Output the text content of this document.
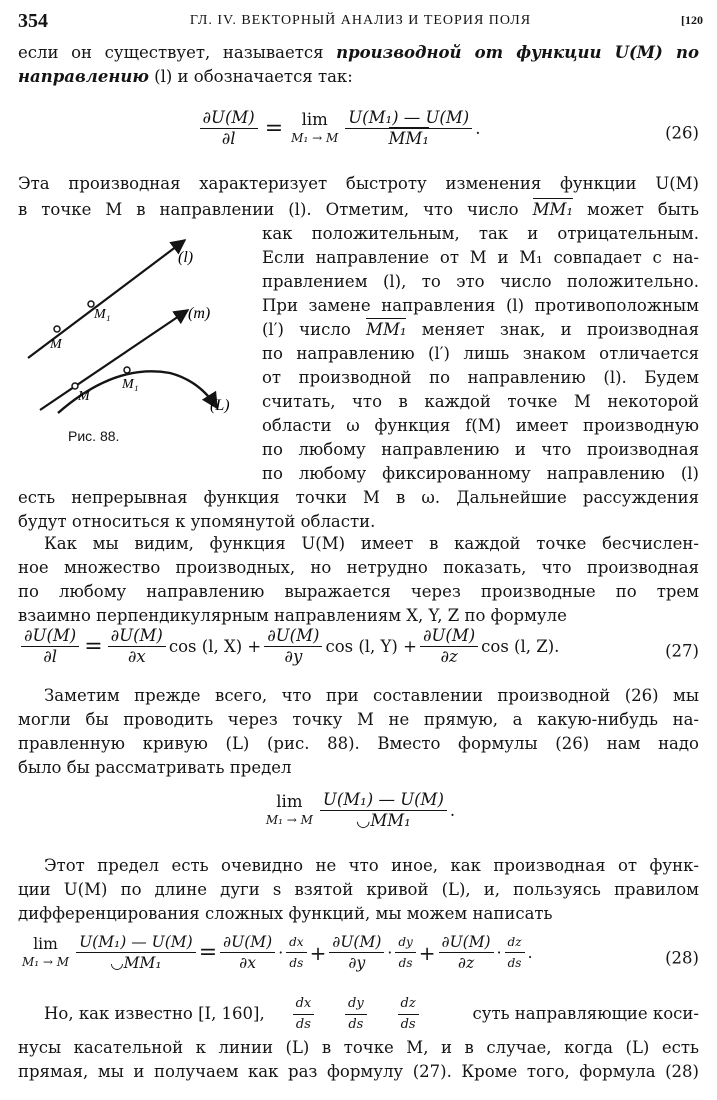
354	ГЛ. IV. ВЕКТОРНЫЙ АНАЛИЗ И ТЕОРИЯ ПОЛЯ	[120
если он существует, называется производной от функции U(M) по
направлению (l) и обозначается так:
$\frac{\partial U(M)}{\partial l} = \lim$
M₁ → M $\frac{\text{U(M₁) — U(M)}}{\text{MM₁}}$ .	(26)
Эта производная характеризует быстроту изменения функции U(M)
в точке M в направлении (l). Отметим, что число MM₁ может быть
как положительным, так и отрицательным.
Если направление от M и M₁ совпадает с на-
правлением (l), то это число положительно.
При замене направления (l) противоположным
(l′) число MM₁ меняет знак, и производная
по направлению (l′) лишь знаком отличается
от производной по направлению (l). Будем
считать, что в каждой точке M некоторой
области ω функция f(M) имеет производную
по любому направлению и что производная
по любому фиксированному направлению (l)
есть непрерывная функция точки M в ω. Дальнейшие рассуждения
будут относиться к упомянутой области.
(l)
(m)
(L)
M₁
M
M
M₁
Рис. 88.
Как мы видим, функция U(M) имеет в каждой точке бесчислен-
ное множество производных, но нетрудно показать, что производная
по любому направлению выражается через производные по трем
взаимно перпендикулярным направлениям X, Y, Z по формуле
$\frac{\partial U(M)}{\partial l} = \frac{\partial U(M)}{\partial x}$ cos (l, $X) + \frac{\partial U(M)}{\partial y}$ cos (l, $Y) + \frac{\partial U(M)}{\partial z}$ cos (l, Z).	(27)
Заметим прежде всего, что при составлении производной (26) мы
могли бы проводить через точку M не прямую, а какую-нибудь на-
правленную кривую (L) (рис. 88). Вместо формулы (26) нам надо
было бы рассматривать предел
lim
M₁ → M $\frac{\text{U(M₁) — U(M)}}{\text{◡MM₁}}$ .
Этот предел есть очевидно не что иное, как производная от функ-
ции U(M) по длине дуги s взятой кривой (L), и, пользуясь правилом
дифференцирования сложных функций, мы можем написать
lim
M₁ → M $\frac{\text{U(M₁) — U(M)}}{\text{◡MM₁}} = \frac{\partial U(M)}{\partial x} \cdot \frac{dx}{ds} + \frac{\partial U(M)}{\partial y} \cdot \frac{dy}{ds} + \frac{\partial U(M)}{\partial z} \cdot \frac{dz}{ds}$ .	(28)
Но, как известно [I, 160], $\frac{dx}{ds} \frac{dy}{ds} \frac{dz}{ds}$	суть направляющие коси-
нусы касательной к линии (L) в точке M, и в случае, когда (L) есть
прямая, мы и получаем как раз формулу (27). Кроме того, формула (28)
